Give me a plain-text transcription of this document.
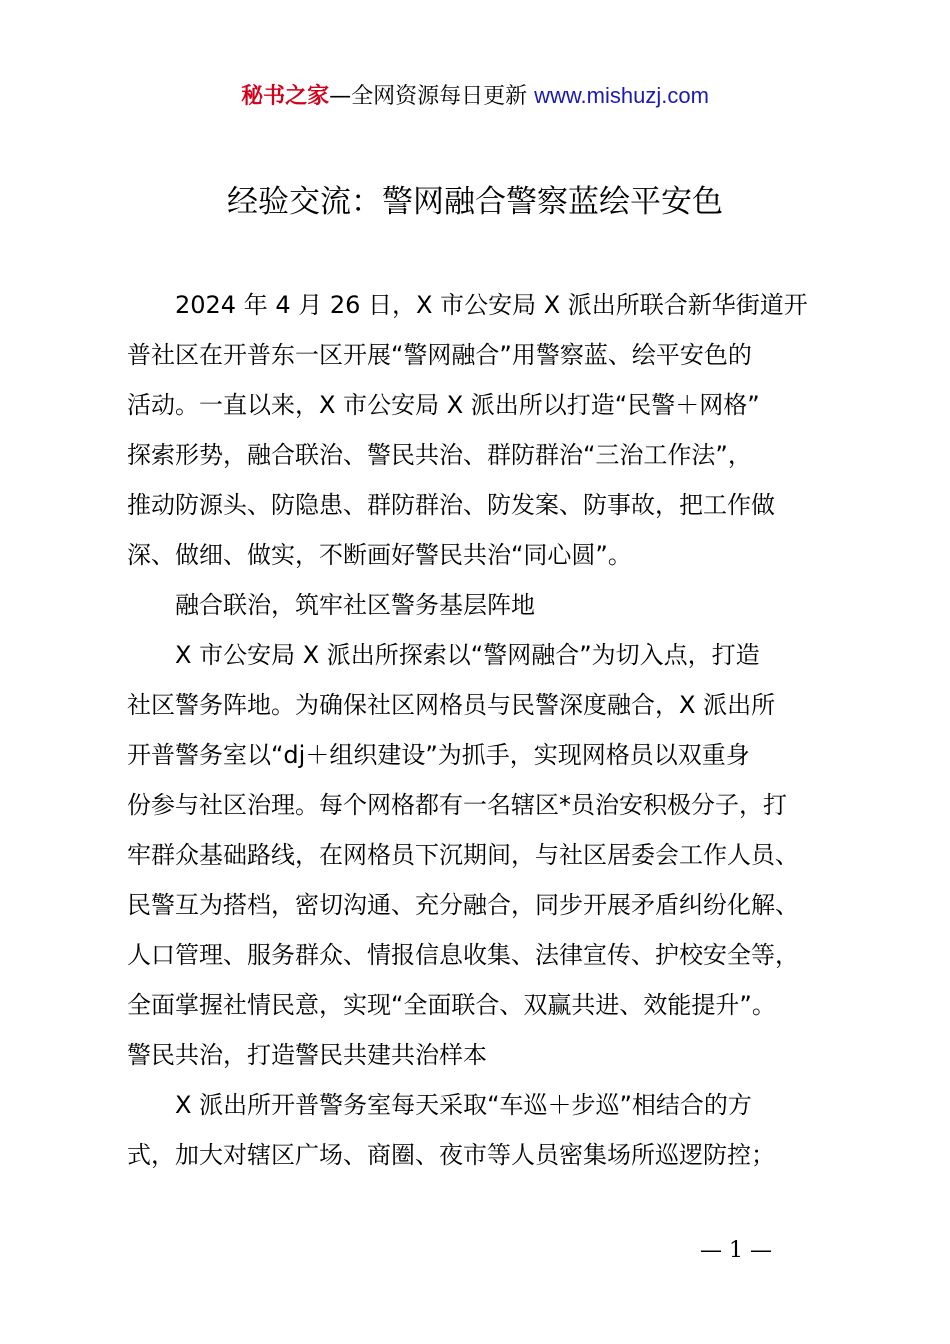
秘书之家—全网资源每日更新 www.mishuzj.com
经验交流：警网融合警察蓝绘平安色

2024 年 4 月 26 日，X 市公安局 X 派出所联合新华街道开
普社区在开普东一区开展“警网融合”用警察蓝、绘平安色的
活动。一直以来，X 市公安局 X 派出所以打造“民警＋网格”
探索形势，融合联治、警民共治、群防群治“三治工作法”，
推动防源头、防隐患、群防群治、防发案、防事故，把工作做
深、做细、做实，不断画好警民共治“同心圆”。

融合联治，筑牢社区警务基层阵地

X 市公安局 X 派出所探索以“警网融合”为切入点，打造
社区警务阵地。为确保社区网格员与民警深度融合，X 派出所
开普警务室以“dj＋组织建设”为抓手，实现网格员以双重身
份参与社区治理。每个网格都有一名辖区*员治安积极分子，打
牢群众基础路线，在网格员下沉期间，与社区居委会工作人员、
民警互为搭档，密切沟通、充分融合，同步开展矛盾纠纷化解、
人口管理、服务群众、情报信息收集、法律宣传、护校安全等，
全面掌握社情民意，实现“全面联合、双赢共进、效能提升”。

警民共治，打造警民共建共治样本

X 派出所开普警务室每天采取“车巡＋步巡”相结合的方
式，加大对辖区广场、商圈、夜市等人员密集场所巡逻防控；

— 1 —
